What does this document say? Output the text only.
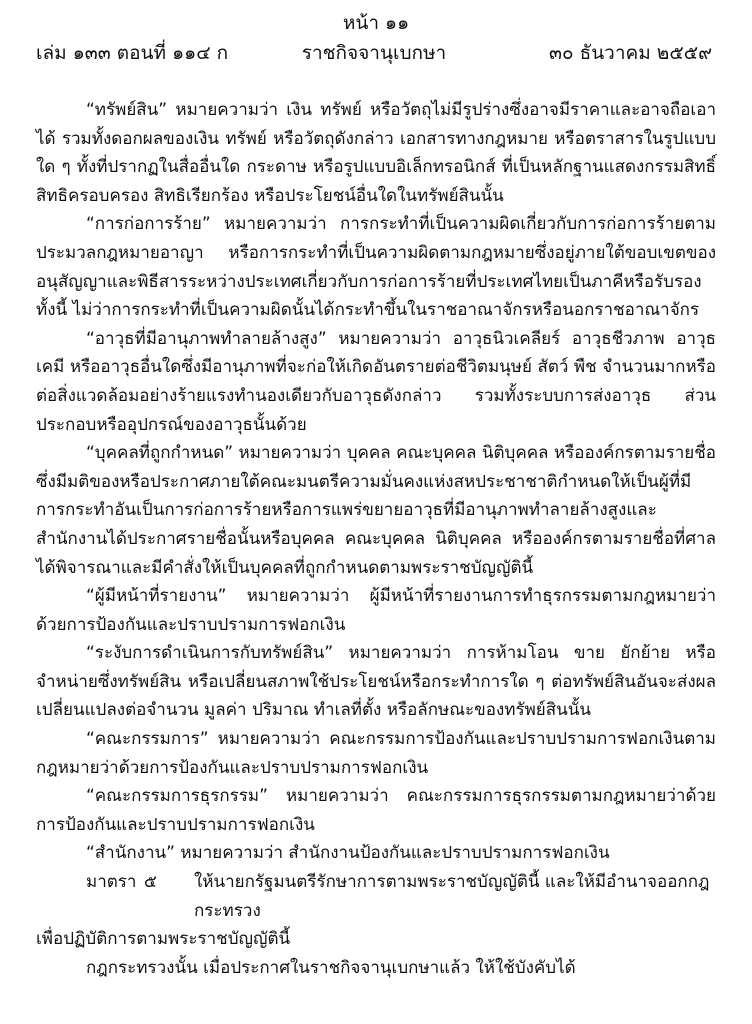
หน้า ๑๑
เล่ม ๑๓๓ ตอนที่ ๑๑๔ ก	ราชกิจจานุเบกษา	๓๐ ธันวาคม ๒๕๕๙

“ทรัพย์สิน” หมายความว่า เงิน ทรัพย์ หรือวัตถุไม่มีรูปร่างซึ่งอาจมีราคาและอาจถือเอาได้ รวมทั้งดอกผลของเงิน ทรัพย์ หรือวัตถุดังกล่าว เอกสารทางกฎหมาย หรือตราสารในรูปแบบใด ๆ ทั้งที่ปรากฏในสื่ออื่นใด กระดาษ หรือรูปแบบอิเล็กทรอนิกส์ ที่เป็นหลักฐานแสดงกรรมสิทธิ์ สิทธิครอบครอง สิทธิเรียกร้อง หรือประโยชน์อื่นใดในทรัพย์สินนั้น

“การก่อการร้าย” หมายความว่า การกระทำที่เป็นความผิดเกี่ยวกับการก่อการร้ายตามประมวลกฎหมายอาญา หรือการกระทำที่เป็นความผิดตามกฎหมายซึ่งอยู่ภายใต้ขอบเขตของอนุสัญญาและพิธีสารระหว่างประเทศเกี่ยวกับการก่อการร้ายที่ประเทศไทยเป็นภาคีหรือรับรอง ทั้งนี้ ไม่ว่าการกระทำที่เป็นความผิดนั้นได้กระทำขึ้นในราชอาณาจักรหรือนอกราชอาณาจักร

“อาวุธที่มีอานุภาพทำลายล้างสูง” หมายความว่า อาวุธนิวเคลียร์ อาวุธชีวภาพ อาวุธเคมี หรืออาวุธอื่นใดซึ่งมีอานุภาพที่จะก่อให้เกิดอันตรายต่อชีวิตมนุษย์ สัตว์ พืช จำนวนมากหรือต่อสิ่งแวดล้อมอย่างร้ายแรงทำนองเดียวกับอาวุธดังกล่าว รวมทั้งระบบการส่งอาวุธ ส่วนประกอบหรืออุปกรณ์ของอาวุธนั้นด้วย

“บุคคลที่ถูกกำหนด” หมายความว่า บุคคล คณะบุคคล นิติบุคคล หรือองค์กรตามรายชื่อซึ่งมีมติของหรือประกาศภายใต้คณะมนตรีความมั่นคงแห่งสหประชาชาติกำหนดให้เป็นผู้ที่มีการกระทำอันเป็นการก่อการร้ายหรือการแพร่ขยายอาวุธที่มีอานุภาพทำลายล้างสูงและสำนักงานได้ประกาศรายชื่อนั้นหรือบุคคล คณะบุคคล นิติบุคคล หรือองค์กรตามรายชื่อที่ศาลได้พิจารณาและมีคำสั่งให้เป็นบุคคลที่ถูกกำหนดตามพระราชบัญญัตินี้

“ผู้มีหน้าที่รายงาน” หมายความว่า ผู้มีหน้าที่รายงานการทำธุรกรรมตามกฎหมายว่าด้วยการป้องกันและปราบปรามการฟอกเงิน

“ระงับการดำเนินการกับทรัพย์สิน” หมายความว่า การห้ามโอน ขาย ยักย้าย หรือจำหน่ายซึ่งทรัพย์สิน หรือเปลี่ยนสภาพใช้ประโยชน์หรือกระทำการใด ๆ ต่อทรัพย์สินอันจะส่งผลเปลี่ยนแปลงต่อจำนวน มูลค่า ปริมาณ ทำเลที่ตั้ง หรือลักษณะของทรัพย์สินนั้น

“คณะกรรมการ” หมายความว่า คณะกรรมการป้องกันและปราบปรามการฟอกเงินตามกฎหมายว่าด้วยการป้องกันและปราบปรามการฟอกเงิน

“คณะกรรมการธุรกรรม” หมายความว่า คณะกรรมการธุรกรรมตามกฎหมายว่าด้วยการป้องกันและปราบปรามการฟอกเงิน

“สำนักงาน” หมายความว่า สำนักงานป้องกันและปราบปรามการฟอกเงิน

มาตรา ๕	ให้นายกรัฐมนตรีรักษาการตามพระราชบัญญัตินี้ และให้มีอำนาจออกกฎกระทรวง

เพื่อปฏิบัติการตามพระราชบัญญัตินี้

กฎกระทรวงนั้น เมื่อประกาศในราชกิจจานุเบกษาแล้ว ให้ใช้บังคับได้
